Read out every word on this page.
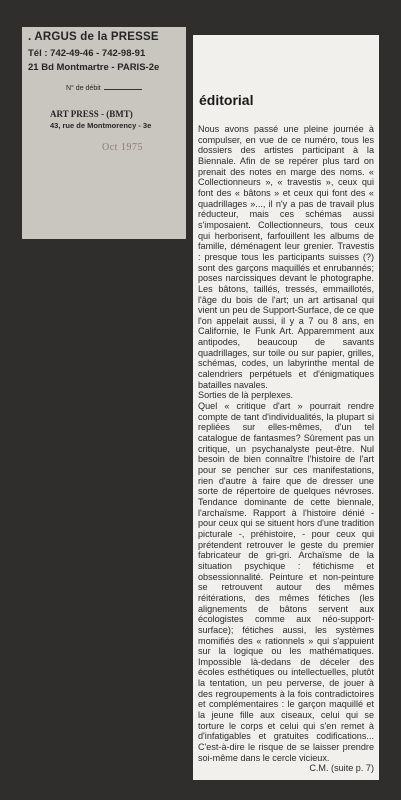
. ARGUS de la PRESSE
Tél : 742-49-46 - 742-98-91
21 Bd Montmartre - PARIS-2e
N° de débit
ART PRESS - (BMT)
43, rue de Montmorency - 3e
Oct 1975
éditorial

Nous avons passé une pleine journée à compulser, en vue de ce numéro, tous les dossiers des artistes participant à la Biennale. Afin de se repérer plus tard on prenait des notes en marge des noms. « Collectionneurs », « travestis », ceux qui font des « bâtons » et ceux qui font des « quadrillages »..., il n'y a pas de travail plus réducteur, mais ces schémas aussi s'imposaient. Collectionneurs, tous ceux qui herborisent, farfouillent les albums de famille, déménagent leur grenier. Travestis : presque tous les participants suisses (?) sont des garçons maquillés et enrubannés; poses narcissiques devant le photographe. Les bâtons, taillés, tressés, emmaillotés, l'âge du bois de l'art; un art artisanal qui vient un peu de Support-Surface, de ce que l'on appelait aussi, il y a 7 ou 8 ans, en Californie, le Funk Art. Apparemment aux antipodes, beaucoup de savants quadrillages, sur toile ou sur papier, grilles, schémas, codes, un labyrinthe mental de calendriers perpétuels et d'énigmatiques batailles navales.

Sorties de là perplexes.

Quel « critique d'art » pourrait rendre compte de tant d'individualités, la plupart si repliées sur elles-mêmes, d'un tel catalogue de fantasmes? Sûrement pas un critique, un psychanalyste peut-être. Nul besoin de bien connaître l'histoire de l'art pour se pencher sur ces manifestations, rien d'autre à faire que de dresser une sorte de répertoire de quelques névroses. Tendance dominante de cette biennale, l'archaïsme. Rapport à l'histoire dénié - pour ceux qui se situent hors d'une tradition picturale -, préhistoire, - pour ceux qui prétendent retrouver le geste du premier fabricateur de gri-gri. Archaïsme de la situation psychique : fétichisme et obsessionnalité. Peinture et non-peinture se retrouvent autour des mêmes réitérations, des mêmes fétiches (les alignements de bâtons servent aux écologistes comme aux néo-support-surface); fétiches aussi, les systèmes momifiés des « rationnels » qui s'appuient sur la logique ou les mathématiques. Impossible là-dedans de déceler des écoles esthétiques ou intellectuelles, plutôt la tentation, un peu perverse, de jouer à des regroupements à la fois contradictoires et complémentaires : le garçon maquillé et la jeune fille aux ciseaux, celui qui se torture le corps et celui qui s'en remet à d'infatigables et gratuites codifications... C'est-à-dire le risque de se laisser prendre soi-même dans le cercle vicieux.

C.M. (suite p. 7)
